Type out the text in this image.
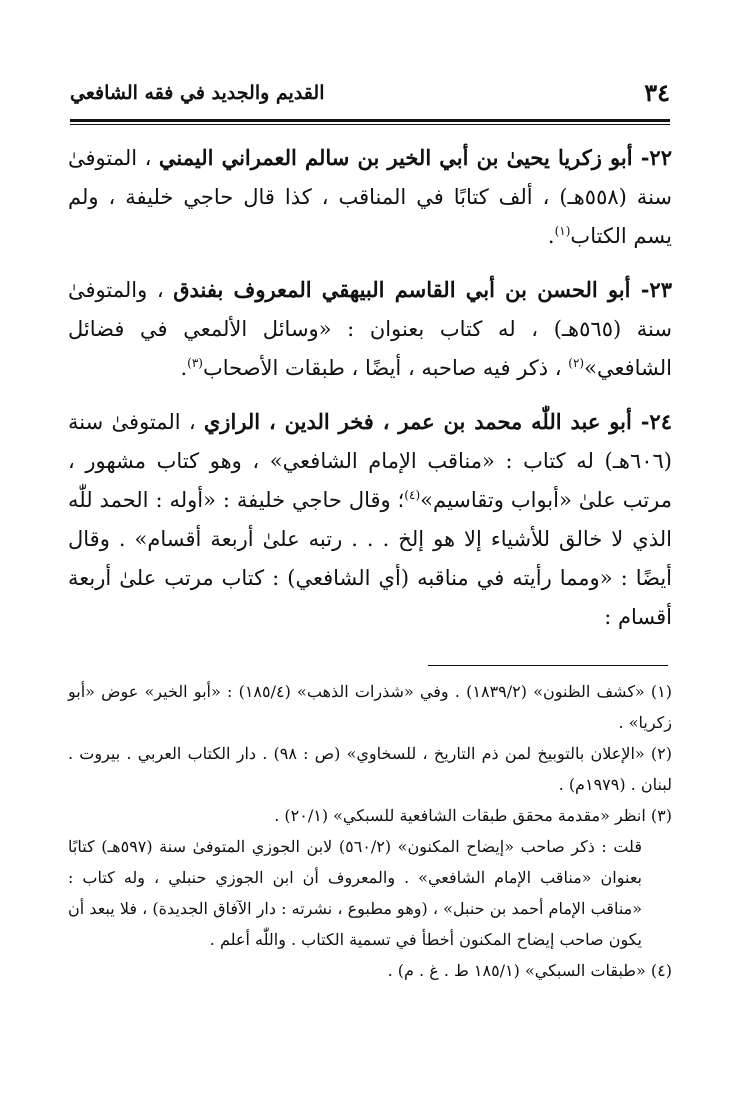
٣٤
القديم والجديد في فقه الشافعي

٢٢- أبو زكريا يحيىٰ بن أبي الخير بن سالم العمراني اليمني ، المتوفىٰ سنة (٥٥٨هـ) ، ألف كتابًا في المناقب ، كذا قال حاجي خليفة ، ولم يسم الكتاب$^{(١)}$.

٢٣- أبو الحسن بن أبي القاسم البيهقي المعروف بفندق ، والمتوفىٰ سنة (٥٦٥هـ) ، له كتاب بعنوان : «وسائل الألمعي في فضائل الشافعي»$^{(٢)}$ ، ذكر فيه صاحبه ، أيضًا ، طبقات الأصحاب$^{(٣)}$.

٢٤- أبو عبد اللّٰه محمد بن عمر ، فخر الدين ، الرازي ، المتوفىٰ سنة (٦٠٦هـ) له كتاب : «مناقب الإمام الشافعي» ، وهو كتاب مشهور ، مرتب علىٰ «أبواب وتقاسيم»$^{(٤)}$؛ وقال حاجي خليفة : «أوله : الحمد للّٰه الذي لا خالق للأشياء إلا هو إلخ . . . رتبه علىٰ أربعة أقسام» . وقال أيضًا : «ومما رأيته في مناقبه (أي الشافعي) : كتاب مرتب علىٰ أربعة أقسام :

(١) «كشف الظنون» (١٨٣٩/٢) . وفي «شذرات الذهب» (١٨٥/٤) : «أبو الخير» عوض «أبو زكريا» .

(٢) «الإعلان بالتوبيخ لمن ذم التاريخ ، للسخاوي» (ص : ٩٨) . دار الكتاب العربي . بيروت . لبنان . (١٩٧٩م) .

(٣) انظر «مقدمة محقق طبقات الشافعية للسبكي» (٢٠/١) .

قلت : ذكر صاحب «إيضاح المكنون» (٥٦٠/٢) لابن الجوزي المتوفىٰ سنة (٥٩٧هـ) كتابًا بعنوان «مناقب الإمام الشافعي» . والمعروف أن ابن الجوزي حنبلي ، وله كتاب : «مناقب الإمام أحمد بن حنبل» ، (وهو مطبوع ، نشرته : دار الآفاق الجديدة) ، فلا يبعد أن يكون صاحب إيضاح المكنون أخطأ في تسمية الكتاب . واللّٰه أعلم .

(٤) «طبقات السبكي» (١٨٥/١ ط . غ . م) .
